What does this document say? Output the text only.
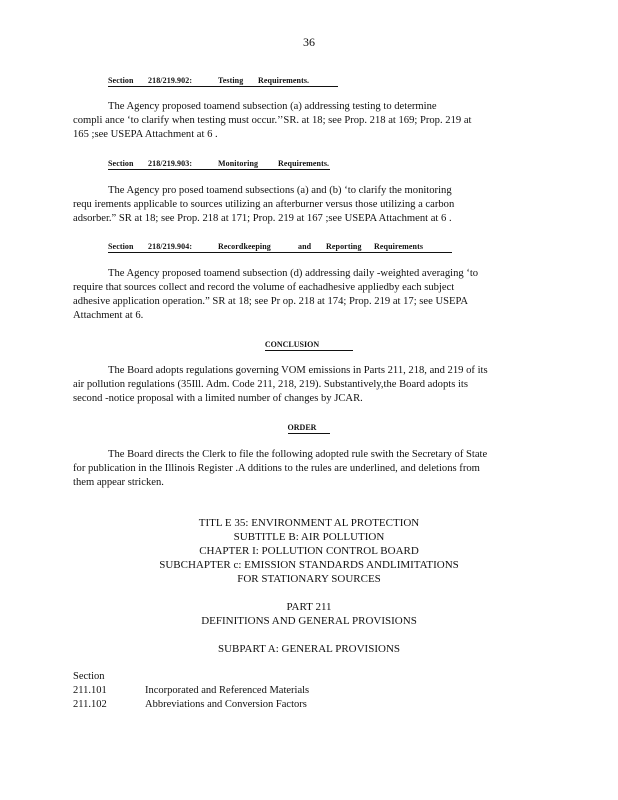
36
Section 218/219.902:	Testing Requirements.
The Agency proposed toamend subsection (a) addressing testing to determine
compli ance ‘to clarify when testing must occur.’’SR. at 18; see Prop. 218 at 169; Prop. 219 at
165 ;see USEPA Attachment at 6 .
Section 218/219.903:	Monitoring Requirements.
The Agency pro posed toamend subsections (a) and (b) ‘to clarify the monitoring
requ irements applicable to sources utilizing an afterburner versus those utilizing a carbon
adsorber.” SR at 18; see Prop. 218 at 171; Prop. 219 at 167 ;see USEPA Attachment at 6 .
Section 218/219.904:	Recordkeeping	and Reporting Requirements
The Agency proposed toamend subsection (d) addressing daily -weighted averaging ‘to
require that sources collect and record the volume of eachadhesive appliedby each subject
adhesive application operation.” SR at 18; see Pr op. 218 at 174; Prop. 219 at 17; see USEPA
Attachment at 6.
CONCLUSION
The Board adopts regulations governing VOM emissions in Parts 211, 218, and 219 of its
air pollution regulations (35Ill. Adm. Code 211, 218, 219). Substantively,the Board adopts its
second -notice proposal with a limited number of changes by JCAR.
ORDER
The Board directs the Clerk to file the following adopted rule swith the Secretary of State
for publication in the Illinois Register .A dditions to the rules are underlined, and deletions from
them appear stricken.
TITL E 35: ENVIRONMENT AL PROTECTION
SUBTITLE B: AIR POLLUTION
CHAPTER I: POLLUTION CONTROL BOARD
SUBCHAPTER c: EMISSION STANDARDS ANDLIMITATIONS
FOR STATIONARY SOURCES
PART 211
DEFINITIONS AND GENERAL PROVISIONS
SUBPART A: GENERAL PROVISIONS
Section
211.101	Incorporated and Referenced Materials
211.102	Abbreviations and Conversion Factors
